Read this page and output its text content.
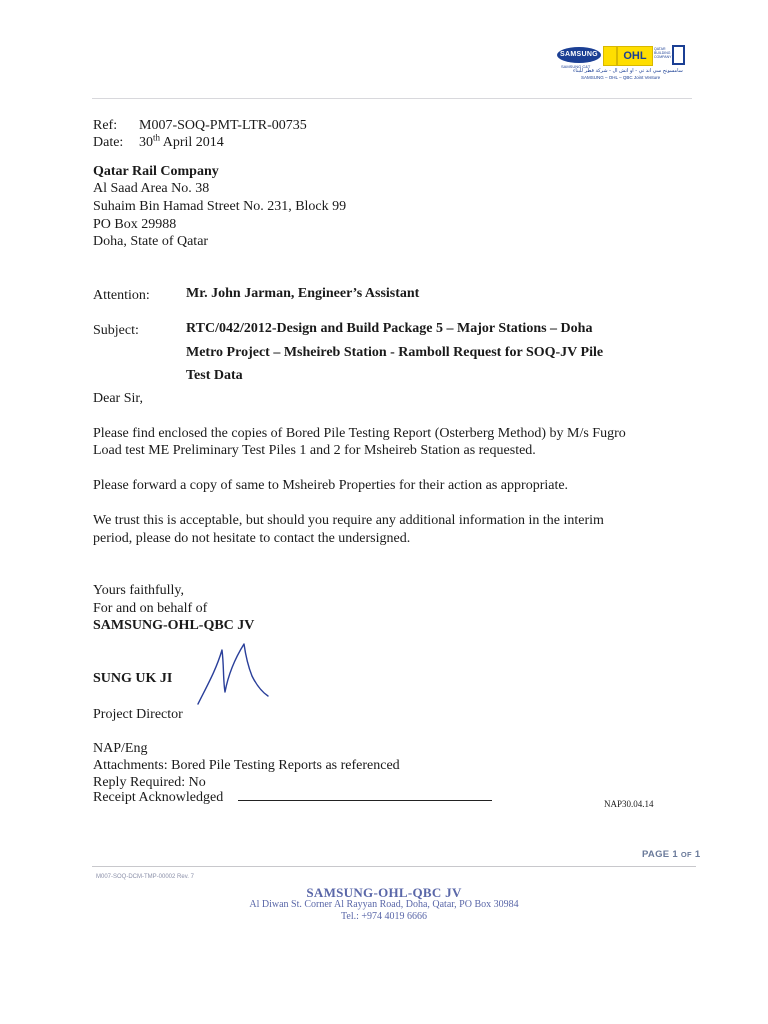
SAMSUNG
SAMSUNG C&T
OHL
QATAR
BUILDING
COMPANY
سامسونج سي اند تي - او اتش ال - شركة قطر للبناء
SAMSUNG – OHL – QBC Joint Venture
Ref: M007-SOQ-PMT-LTR-00735
Date: 30th April 2014
Qatar Rail Company
Al Saad Area No. 38
Suhaim Bin Hamad Street No. 231, Block 99
PO Box 29988
Doha, State of Qatar
Attention:	Mr. John Jarman, Engineer’s Assistant
Subject:	RTC/042/2012-Design and Build Package 5 – Major Stations – Doha
Metro Project – Msheireb Station - Ramboll Request for SOQ-JV Pile
Test Data
Dear Sir,
Please find enclosed the copies of Bored Pile Testing Report (Osterberg Method) by M/s Fugro
Load test ME Preliminary Test Piles 1 and 2 for Msheireb Station as requested.
Please forward a copy of same to Msheireb Properties for their action as appropriate.
We trust this is acceptable, but should you require any additional information in the interim
period, please do not hesitate to contact the undersigned.
Yours faithfully,
For and on behalf of
SAMSUNG-OHL-QBC JV
SUNG UK JI
Project Director
NAP/Eng
Attachments: Bored Pile Testing Reports as referenced
Reply Required: No
Receipt Acknowledged	NAP30.04.14
PAGE 1 OF 1
M007-SOQ-DCM-TMP-00002 Rev. 7
SAMSUNG-OHL-QBC JV
Al Diwan St. Corner Al Rayyan Road, Doha, Qatar, PO Box 30984
Tel.: +974 4019 6666
